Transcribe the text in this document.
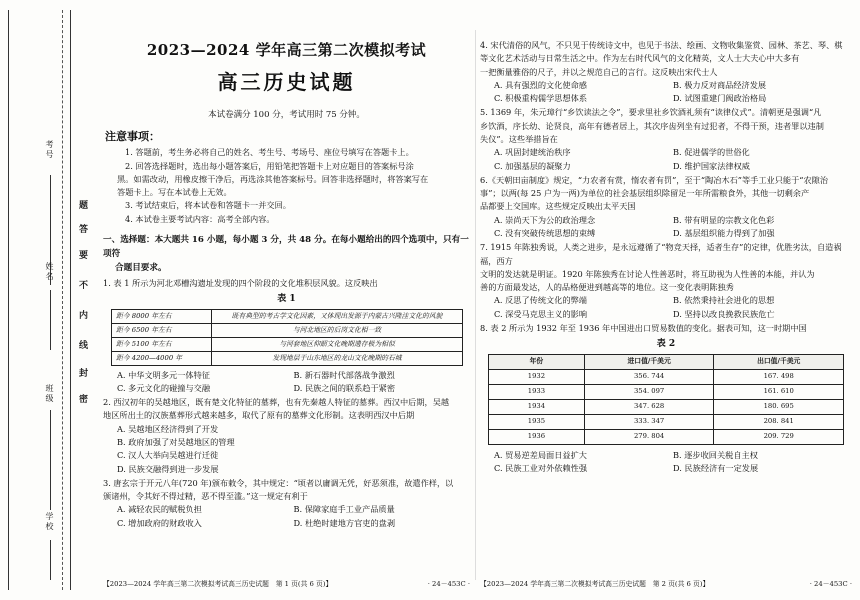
考号
姓名
班级
学校
题
答
要
不
内
线
封
密
2023—2024 学年高三第二次模拟考试
高三历史试题
本试卷满分 100 分，考试用时 75 分钟。
注意事项：
1. 答题前，考生务必将自己的姓名、考生号、考场号、座位号填写在答题卡上。
2. 回答选择题时，选出每小题答案后，用铅笔把答题卡上对应题目的答案标号涂
黑。如需改动，用橡皮擦干净后，再选涂其他答案标号。回答非选择题时，将答案写在
答题卡上。写在本试卷上无效。
3. 考试结束后，将本试卷和答题卡一并交回。
4. 本试卷主要考试内容：高考全部内容。
一、选择题：本大题共 16 小题，每小题 3 分，共 48 分。在每小题给出的四个选项中，只有一项符
合题目要求。
1. 表 1 所示为河北邓槽沟遗址发现的四个阶段的文化堆积层风貌。这反映出
表 1
距今 8000 年左右	既有典型的考古学文化因素，又体现出发源于内蒙古兴隆洼文化的风貌
距今 6500 年左右	与河北地区的后岗文化相一致
距今 5100 年左右	与河套地区仰韶文化晚期遗存极为相似
距今 4200—4000 年	发现地层于山东地区的龙山文化晚期的石城
A. 中华文明多元一体特征	B. 新石器时代部落战争激烈
C. 多元文化的碰撞与交融	D. 民族之间的联系趋于紧密
2. 西汉初年的吴越地区，既有楚文化特征的墓葬，也有先秦越人特征的墓葬。西汉中后期，吴越
地区所出土的汉族墓葬形式越来越多，取代了原有的墓葬文化形制。这表明西汉中后期
A. 吴越地区经济得到了开发
B. 政府加强了对吴越地区的管理
C. 汉人大举向吴越进行迁徙
D. 民族交融得到进一步发展
3. 唐玄宗于开元八年(720 年)颁布敕令，其中规定：“顷者以庸调无凭，好恶须准，故遣作样，以
颁诸州，令其好不得过精，恶不得至滥。”这一规定有利于
A. 减轻农民的赋税负担	B. 保障家庭手工业产品质量
C. 增加政府的财政收入	D. 杜绝时建地方官吏的盘剥
【2023—2024 学年高三第二次模拟考试高三历史试题　第 1 页(共 6 页)】	· 24－453C ·
4. 宋代清俗的风气，不只见于传统诗文中，也见于书法、绘画、文物收集鉴赏、园林、茶艺、琴、棋
等文化艺术活动与日常生活之中。作为左右时代风气的文化精英，文人士大夫心中大多有
一把衡量雅俗的尺子，并以之规范自己的言行。这反映出宋代士人
A. 具有强烈的文化使命感	B. 极力反对商品经济发展
C. 积极重构儒学思想体系	D. 试图重建门阀政治格局
5. 1369 年，朱元璋行“乡饮读法之令”，要求里社乡饮酒礼须有“读律仪式”。清朝更是强调“凡
乡饮酒，序长幼、论贤良，高年有德者居上，其次序齿列坐有过犯者，不得干预，违者罪以违制
失仪”。这些举措旨在
A. 巩固封建统治秩序	B. 促进儒学的世俗化
C. 加强基层的凝聚力	D. 维护国家法律权威
6.《天朝田亩制度》规定，“力农者有赏，惰农者有罚”，至于“陶冶木石”等手工业只能于“农隙治
事”；以两(每 25 户为一两)为单位的社会基层组织除留足一年所需粮食外，其他一切剩余产
品都要上交国库。这些规定反映出太平天国
A. 崇尚天下为公的政治理念	B. 带有明显的宗教文化色彩
C. 没有突破传统思想的束缚	D. 基层组织能力得到了加强
7. 1915 年陈独秀说，人类之进步，是永远遵循了“物竞天择，适者生存”的定律，优胜劣汰，自造祸福，西方
文明的发达就是明证。1920 年陈独秀在讨论人性善恶时，将互助视为人性善的本能，并认为
善的方面最发达，人的品格便进到越高等的地位。这一变化表明陈独秀
A. 反思了传统文化的弊端	B. 依然秉持社会进化的思想
C. 深受马克思主义的影响	D. 坚持以改良挽救民族危亡
8. 表 2 所示为 1932 年至 1936 年中国进出口贸易数值的变化。据表可知，这一时期中国
表 2
年份	进口值/千美元	出口值/千美元
1932	356. 744	167. 498
1933	354. 097	161. 610
1934	347. 628	180. 695
1935	333. 347	208. 841
1936	279. 804	209. 729
A. 贸易逆差局面日益扩大	B. 逐步收回关税自主权
C. 民族工业对外依赖性强	D. 民族经济有一定发展
【2023—2024 学年高三第二次模拟考试高三历史试题　第 2 页(共 6 页)】	· 24－453C ·
